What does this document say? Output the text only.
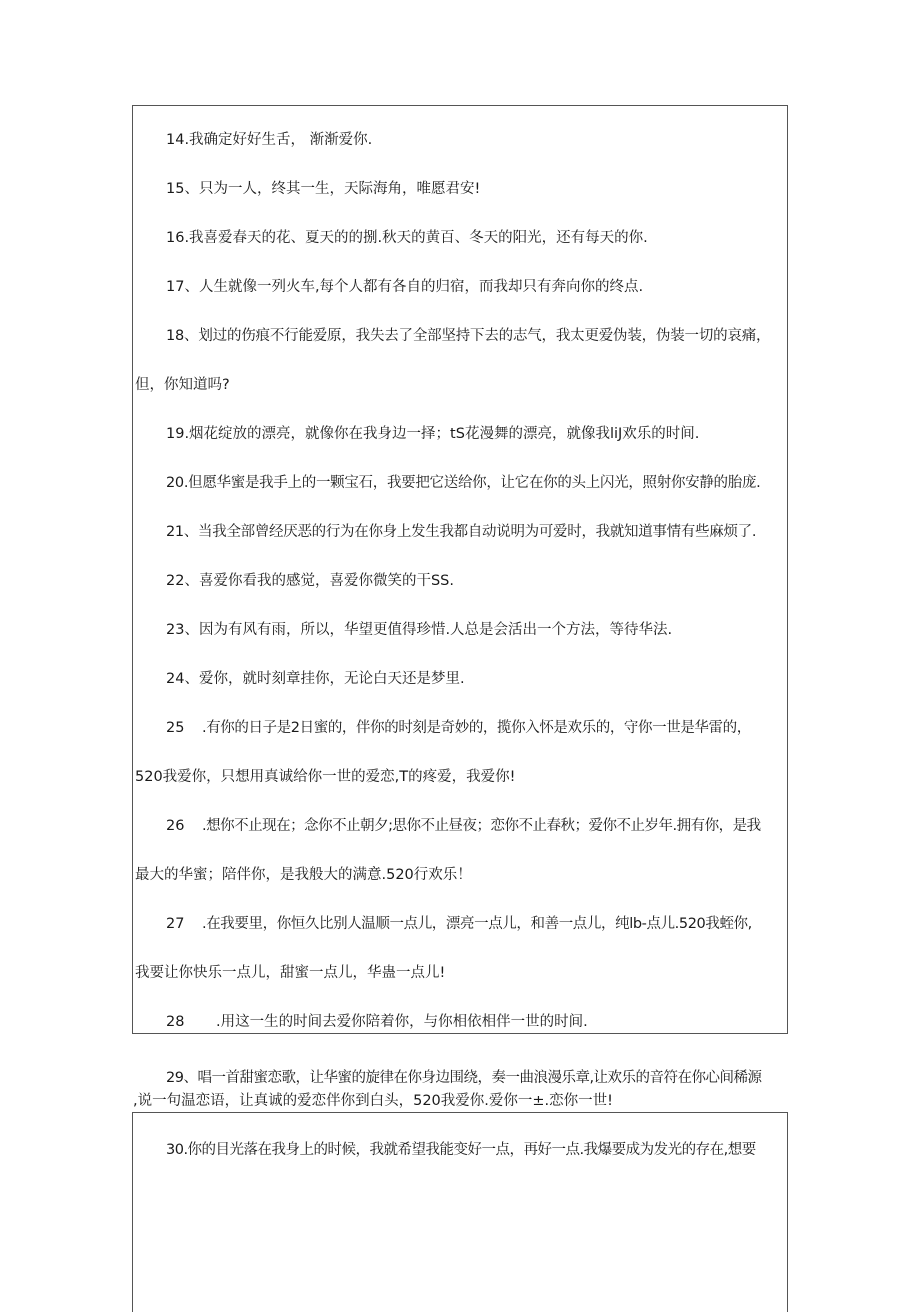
14.我确定好好生舌， 渐渐爱你.
15、只为一人，终其一生，天际海角，唯愿君安!
16.我喜爱春天的花、夏天的的捌.秋天的黄百、冬天的阳光，还有每天的你.
17、人生就像一列火车,每个人都有各自的归宿，而我却只有奔向你的终点.
18、划过的伤痕不行能爱原，我失去了全部坚持下去的志气，我太更爱伪装，伪装一切的哀痛，
但，你知道吗?
19.烟花绽放的漂亮，就像你在我身边一择；tS花漫舞的漂亮，就像我liJ欢乐的时间.
20.但愿华蜜是我手上的一颗宝石，我要把它送给你，让它在你的头上闪光，照射你安静的胎庞.
21、当我全部曾经厌恶的行为在你身上发生我都自动说明为可爱时，我就知道事情有些麻烦了.
22、喜爱你看我的感觉，喜爱你微笑的干SS.
23、因为有风有雨，所以，华望更值得珍惜.人总是会活出一个方法，等待华法.
24、爱你，就时刻章挂你，无论白天还是梦里.
25 .有你的日子是2日蜜的，伴你的时刻是奇妙的，揽你入怀是欢乐的，守你一世是华雷的，
520我爱你，只想用真诚给你一世的爱恋,T的疼爱，我爱你!
26 .想你不止现在；念你不止朝夕;思你不止昼夜；恋你不止春秋；爱你不止岁年.拥有你，是我
最大的华蜜；陪伴你，是我般大的满意.520行欢乐！
27 .在我要里，你恒久比别人温顺一点儿，漂亮一点儿，和善一点儿，纯lb-点儿.520我蛭你,
我要让你快乐一点儿，甜蜜一点儿，华蛊一点儿!
28 .用这一生的时间去爱你陪着你，与你相依相伴一世的时间.
29、唱一首甜蜜恋歌，让华蜜的旋律在你身边围绕，奏一曲浪漫乐章,让欢乐的音符在你心间稀源
,说一句温恋语，让真诚的爱恋伴你到白头，520我爱你.爱你一±.恋你一世!
30.你的目光落在我身上的时候，我就希望我能变好一点，再好一点.我爆要成为发光的存在,想要
